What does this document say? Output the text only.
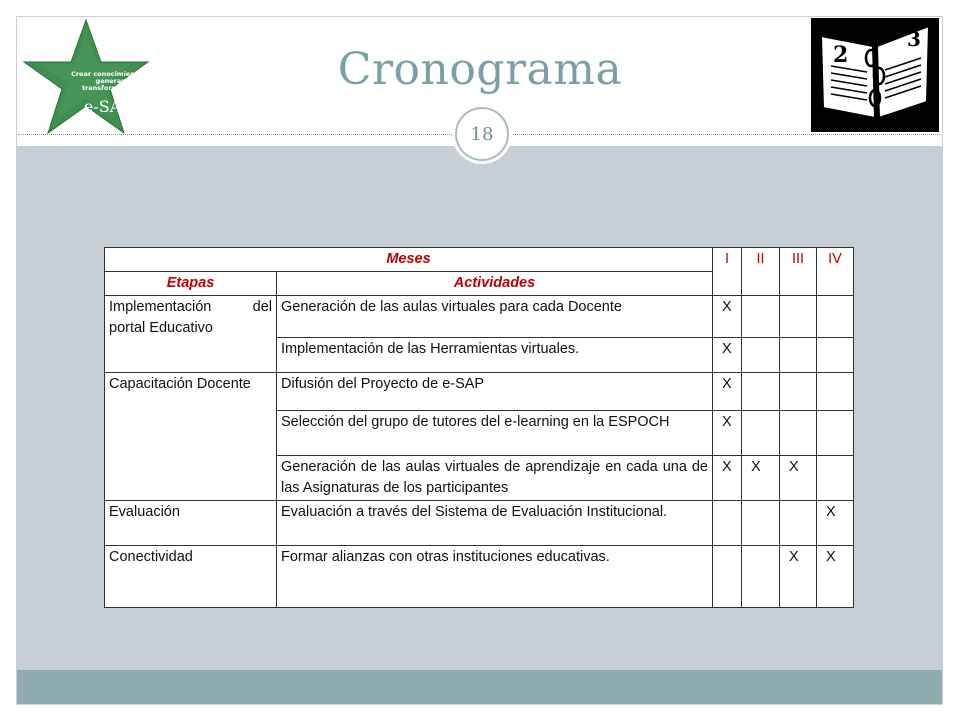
Crear conocimiento y
generar transformación
e-SAP
Cronograma
18
2
3
Meses		I	II	III	IV
Etapas	Actividades				
Implementación del portal Educativo	Generación de las aulas virtuales para cada Docente	X			
	Implementación de las Herramientas virtuales.	X			
Capacitación Docente	Difusión del Proyecto de e-SAP	X			
	Selección del grupo de tutores del e-learning en la ESPOCH	X			
	Generación de las aulas virtuales de aprendizaje en cada una de las Asignaturas de los participantes	X	X	X	
Evaluación	Evaluación a través del Sistema de Evaluación Institucional.				X
Conectividad	Formar alianzas con otras instituciones educativas.			X	X
